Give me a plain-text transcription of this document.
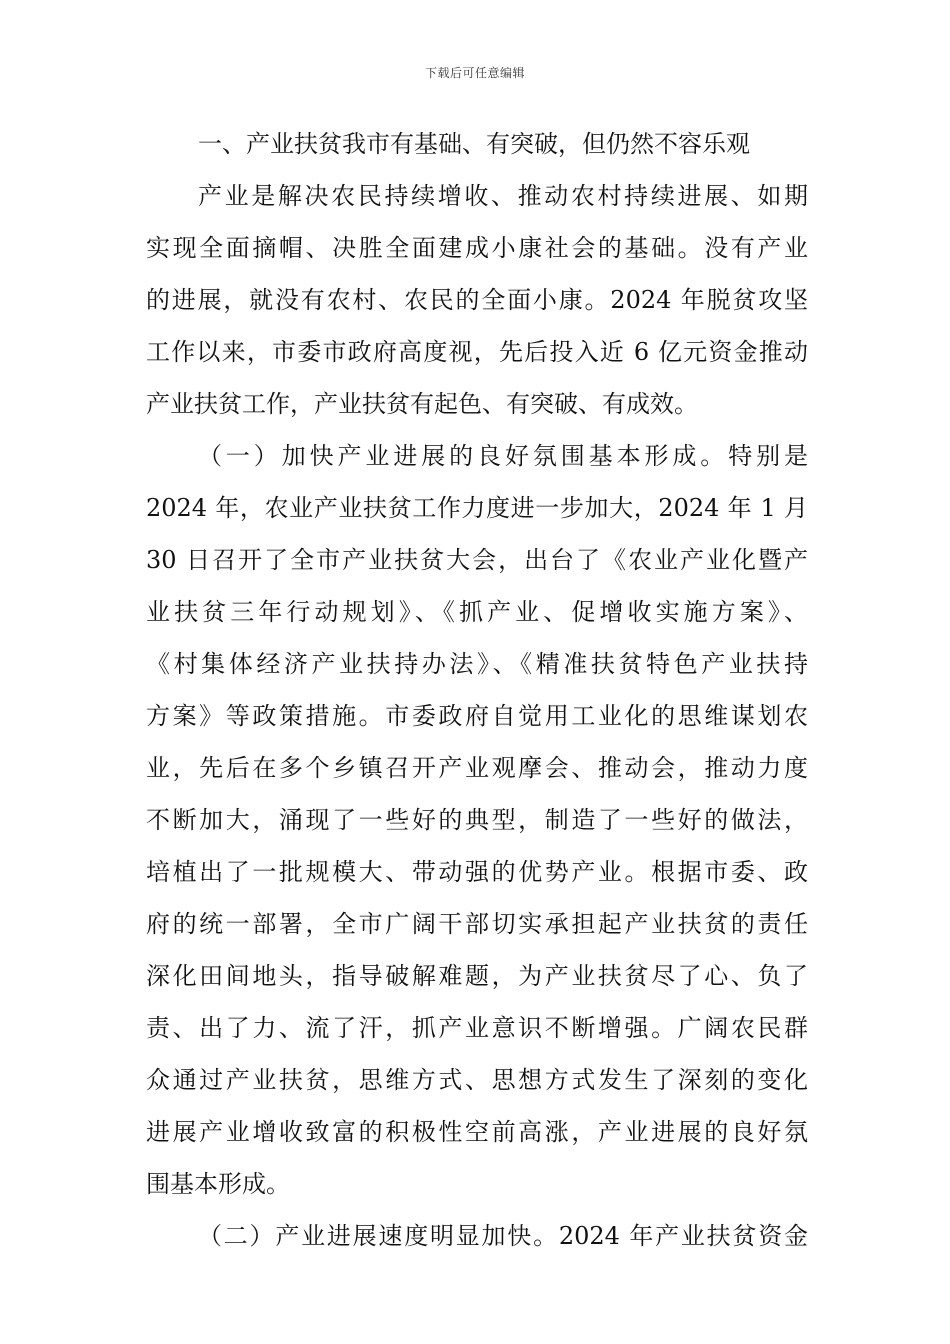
下载后可任意编辑
一、产业扶贫我市有基础、有突破，但仍然不容乐观
产业是解决农民持续增收、推动农村持续进展、如期
实现全面摘帽、决胜全面建成小康社会的基础。没有产业
的进展，就没有农村、农民的全面小康。2024 年脱贫攻坚
工作以来，市委市政府高度视，先后投入近 6 亿元资金推动
产业扶贫工作，产业扶贫有起色、有突破、有成效。
（一）加快产业进展的良好氛围基本形成。特别是
2024 年，农业产业扶贫工作力度进一步加大，2024 年 1 月
30 日召开了全市产业扶贫大会，出台了《农业产业化暨产
业扶贫三年行动规划》、《抓产业、促增收实施方案》、
《村集体经济产业扶持办法》、《精准扶贫特色产业扶持
方案》等政策措施。市委政府自觉用工业化的思维谋划农
业，先后在多个乡镇召开产业观摩会、推动会，推动力度
不断加大，涌现了一些好的典型，制造了一些好的做法，
培植出了一批规模大、带动强的优势产业。根据市委、政
府的统一部署，全市广阔干部切实承担起产业扶贫的责任
深化田间地头，指导破解难题，为产业扶贫尽了心、负了
责、出了力、流了汗，抓产业意识不断增强。广阔农民群
众通过产业扶贫，思维方式、思想方式发生了深刻的变化
进展产业增收致富的积极性空前高涨，产业进展的良好氛
围基本形成。
（二）产业进展速度明显加快。2024 年产业扶贫资金
